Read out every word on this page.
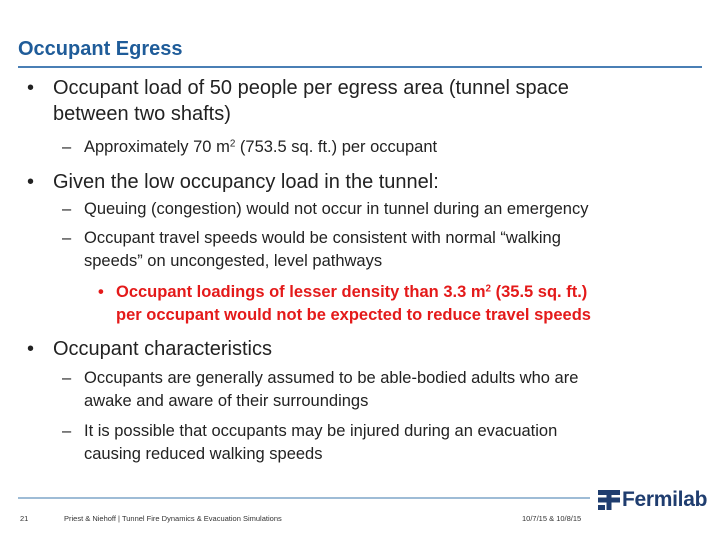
Occupant Egress
• Occupant load of 50 people per egress area (tunnel space
between two shafts)
– Approximately 70 $m^2$ (753.5 sq. ft.) per occupant
• Given the low occupancy load in the tunnel:
– Queuing (congestion) would not occur in tunnel during an emergency
– Occupant travel speeds would be consistent with normal “walking
speeds” on uncongested, level pathways
• Occupant loadings of lesser density than 3.3 $m^2$ (35.5 sq. ft.)
per occupant would not be expected to reduce travel speeds
• Occupant characteristics
– Occupants are generally assumed to be able-bodied adults who are
awake and aware of their surroundings
– It is possible that occupants may be injured during an evacuation
causing reduced walking speeds
21	Priest & Niehoff | Tunnel Fire Dynamics & Evacuation Simulations	10/7/15 & 10/8/15
Fermilab
